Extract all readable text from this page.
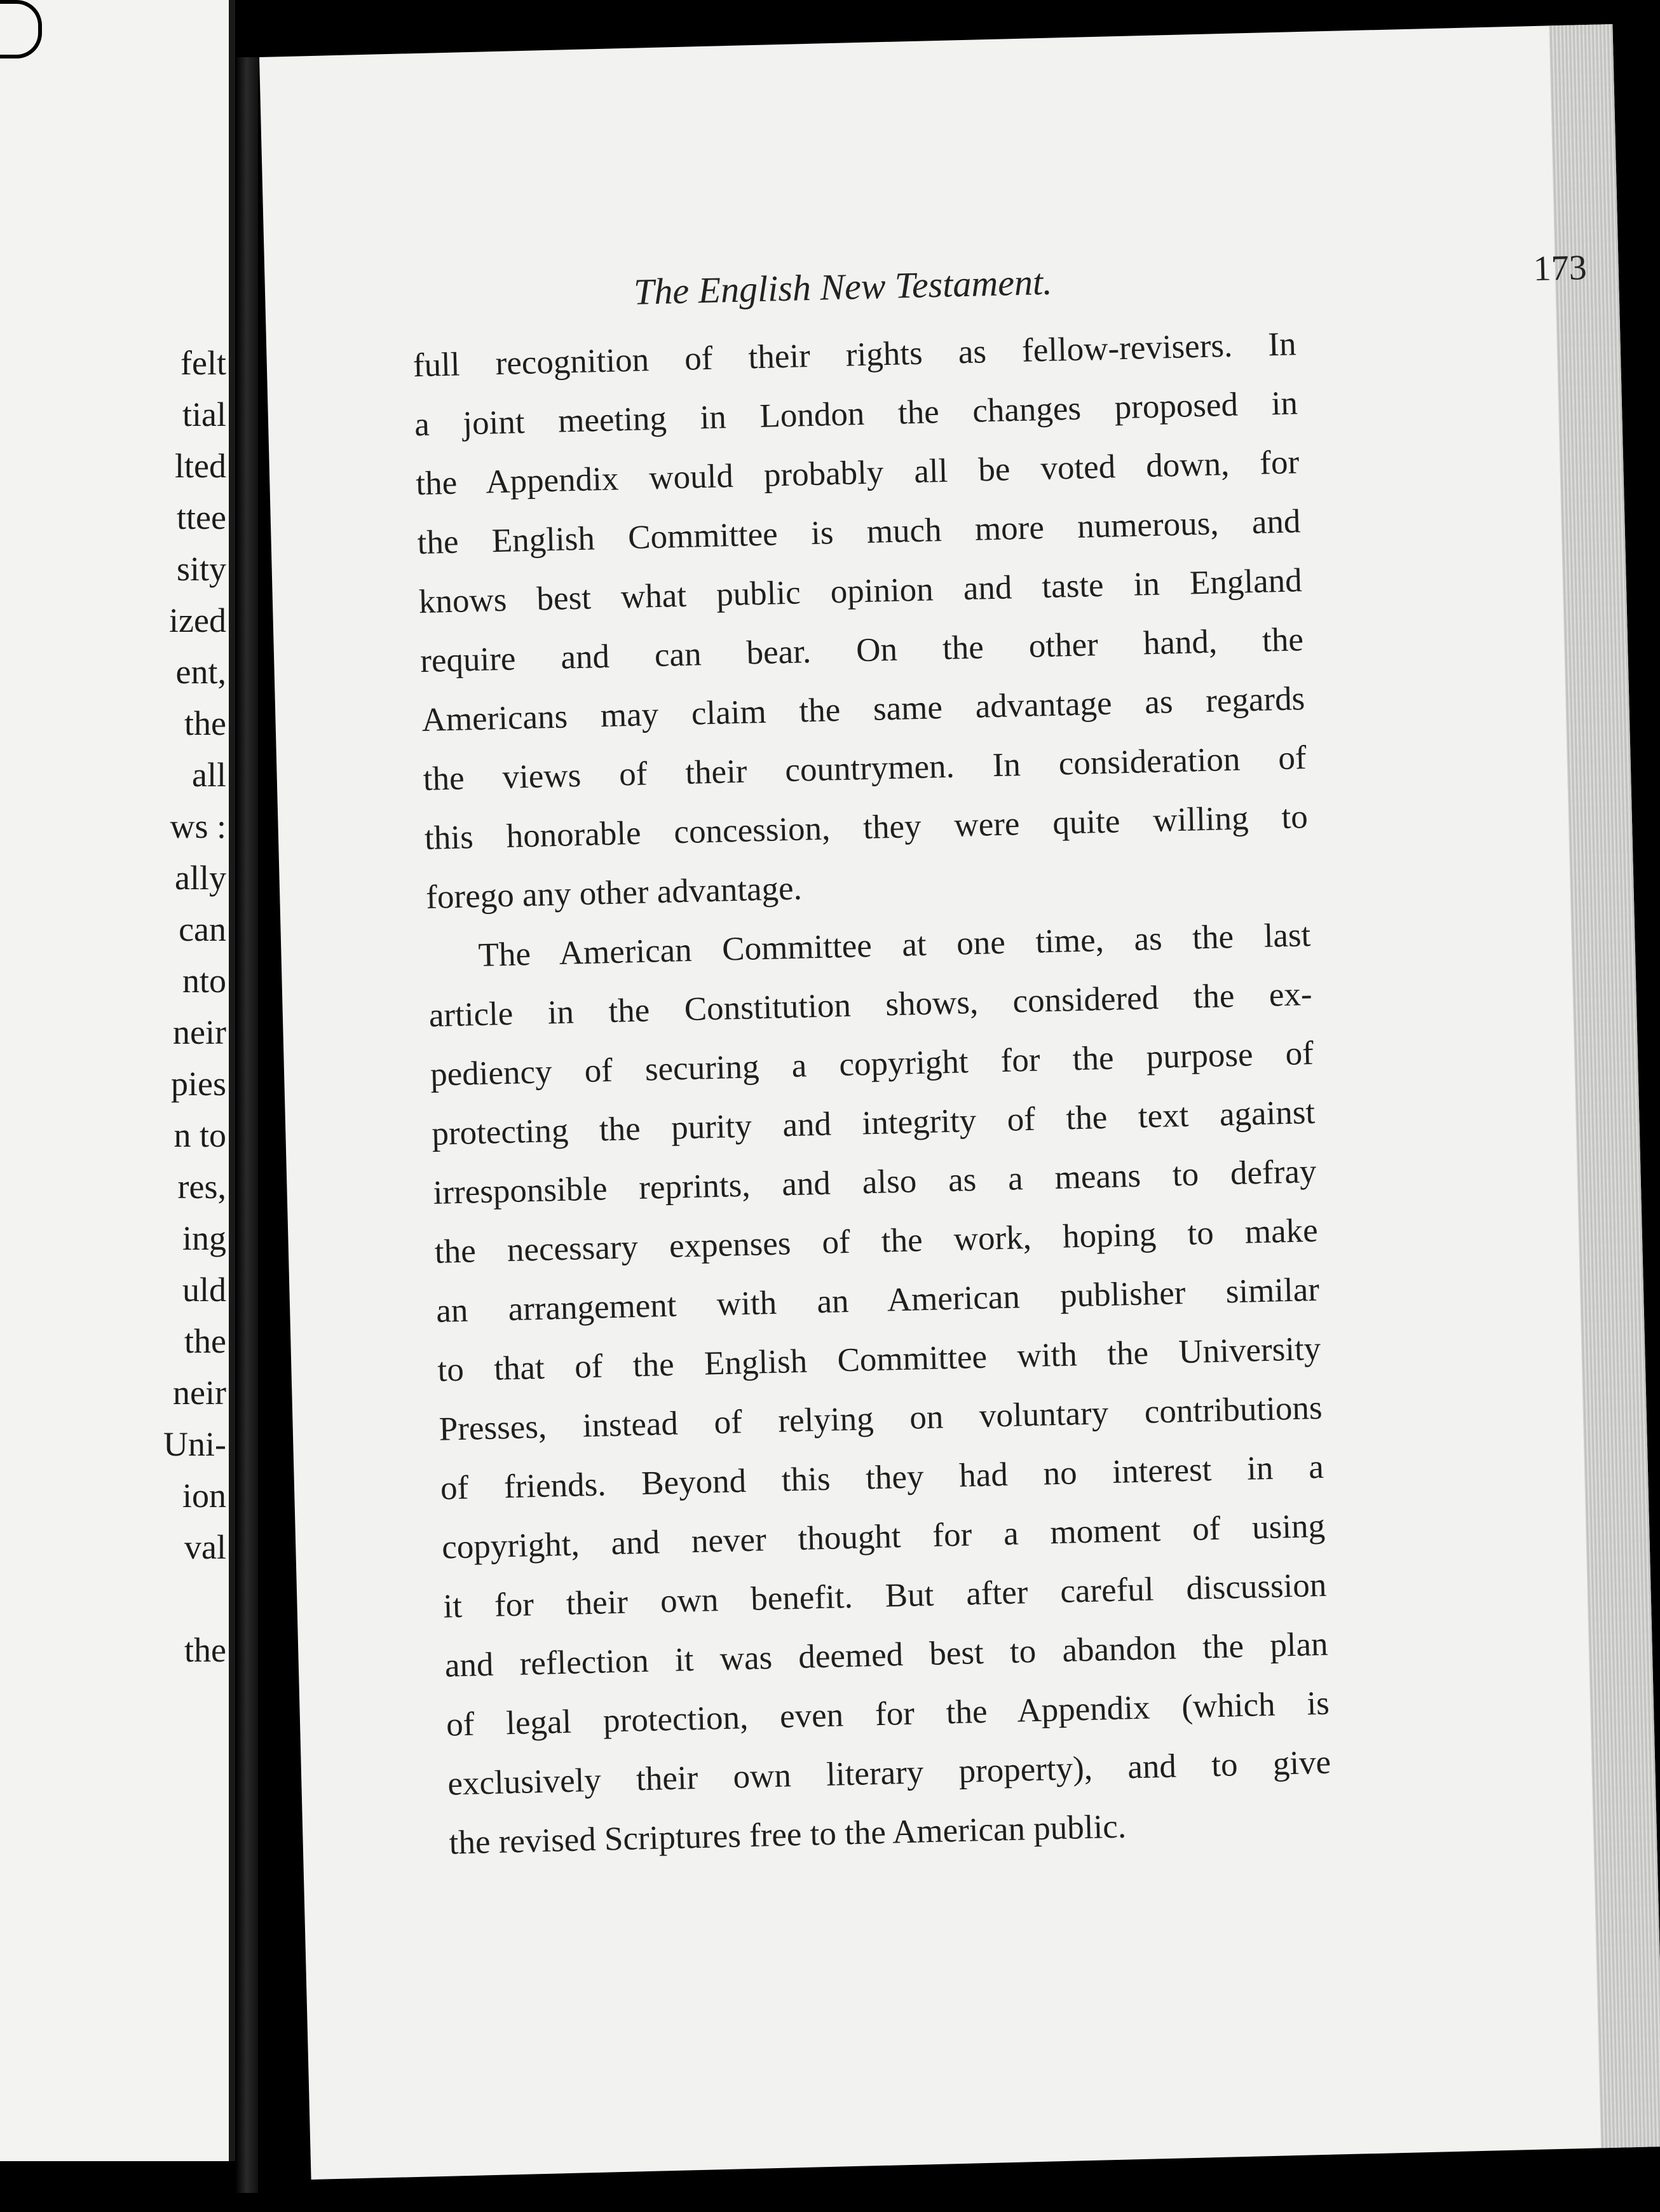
felt
tial
lted
ttee
sity
ized
ent,
the
all
ws :
ally
can
nto
neir
pies
n to
res,
ing
uld
the
neir
Uni-
ion
val
the
The English New Testament.	173
full recognition of their rights as fellow-revisers. In
a joint meeting in London the changes proposed in
the Appendix would probably all be voted down, for
the English Committee is much more numerous, and
knows best what public opinion and taste in England
require and can bear. On the other hand, the
Americans may claim the same advantage as regards
the views of their countrymen. In consideration of
this honorable concession, they were quite willing to
forego any other advantage.
The American Committee at one time, as the last
article in the Constitution shows, considered the ex-
pediency of securing a copyright for the purpose of
protecting the purity and integrity of the text against
irresponsible reprints, and also as a means to defray
the necessary expenses of the work, hoping to make
an arrangement with an American publisher similar
to that of the English Committee with the University
Presses, instead of relying on voluntary contributions
of friends. Beyond this they had no interest in a
copyright, and never thought for a moment of using
it for their own benefit. But after careful discussion
and reflection it was deemed best to abandon the plan
of legal protection, even for the Appendix (which is
exclusively their own literary property), and to give
the revised Scriptures free to the American public.
